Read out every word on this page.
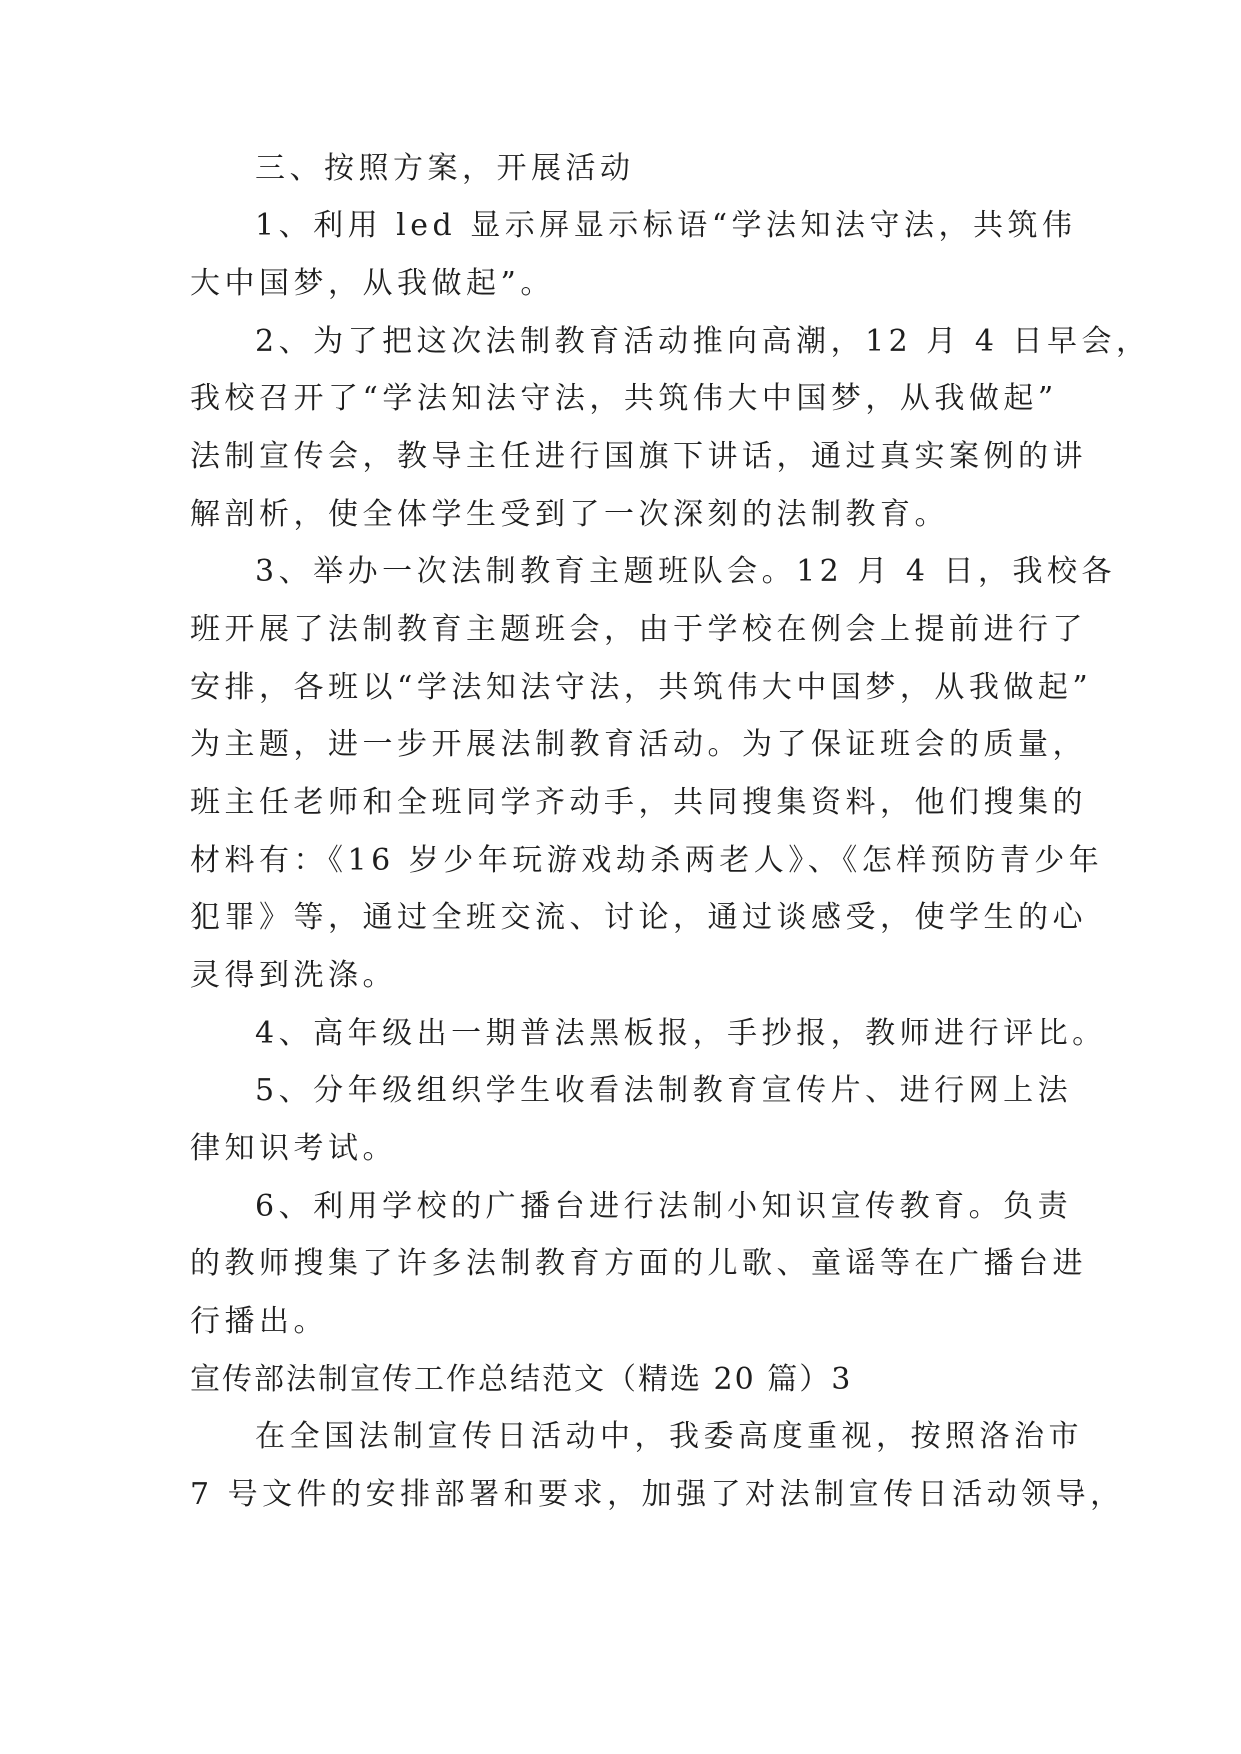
三、按照方案，开展活动

1、利用 led 显示屏显示标语“学法知法守法，共筑伟

大中国梦，从我做起”。

2、为了把这次法制教育活动推向高潮，12 月 4 日早会，

我校召开了“学法知法守法，共筑伟大中国梦，从我做起”

法制宣传会，教导主任进行国旗下讲话，通过真实案例的讲

解剖析，使全体学生受到了一次深刻的法制教育。

3、举办一次法制教育主题班队会。12 月 4 日，我校各

班开展了法制教育主题班会，由于学校在例会上提前进行了

安排，各班以“学法知法守法，共筑伟大中国梦，从我做起”

为主题，进一步开展法制教育活动。为了保证班会的质量，

班主任老师和全班同学齐动手，共同搜集资料，他们搜集的

材料有：《16 岁少年玩游戏劫杀两老人》、《怎样预防青少年

犯罪》等，通过全班交流、讨论，通过谈感受，使学生的心

灵得到洗涤。

4、高年级出一期普法黑板报，手抄报，教师进行评比。

5、分年级组织学生收看法制教育宣传片、进行网上法

律知识考试。

6、利用学校的广播台进行法制小知识宣传教育。负责

的教师搜集了许多法制教育方面的儿歌、童谣等在广播台进

行播出。

宣传部法制宣传工作总结范文（精选 20 篇）3

在全国法制宣传日活动中，我委高度重视，按照洛治市

7 号文件的安排部署和要求，加强了对法制宣传日活动领导，
